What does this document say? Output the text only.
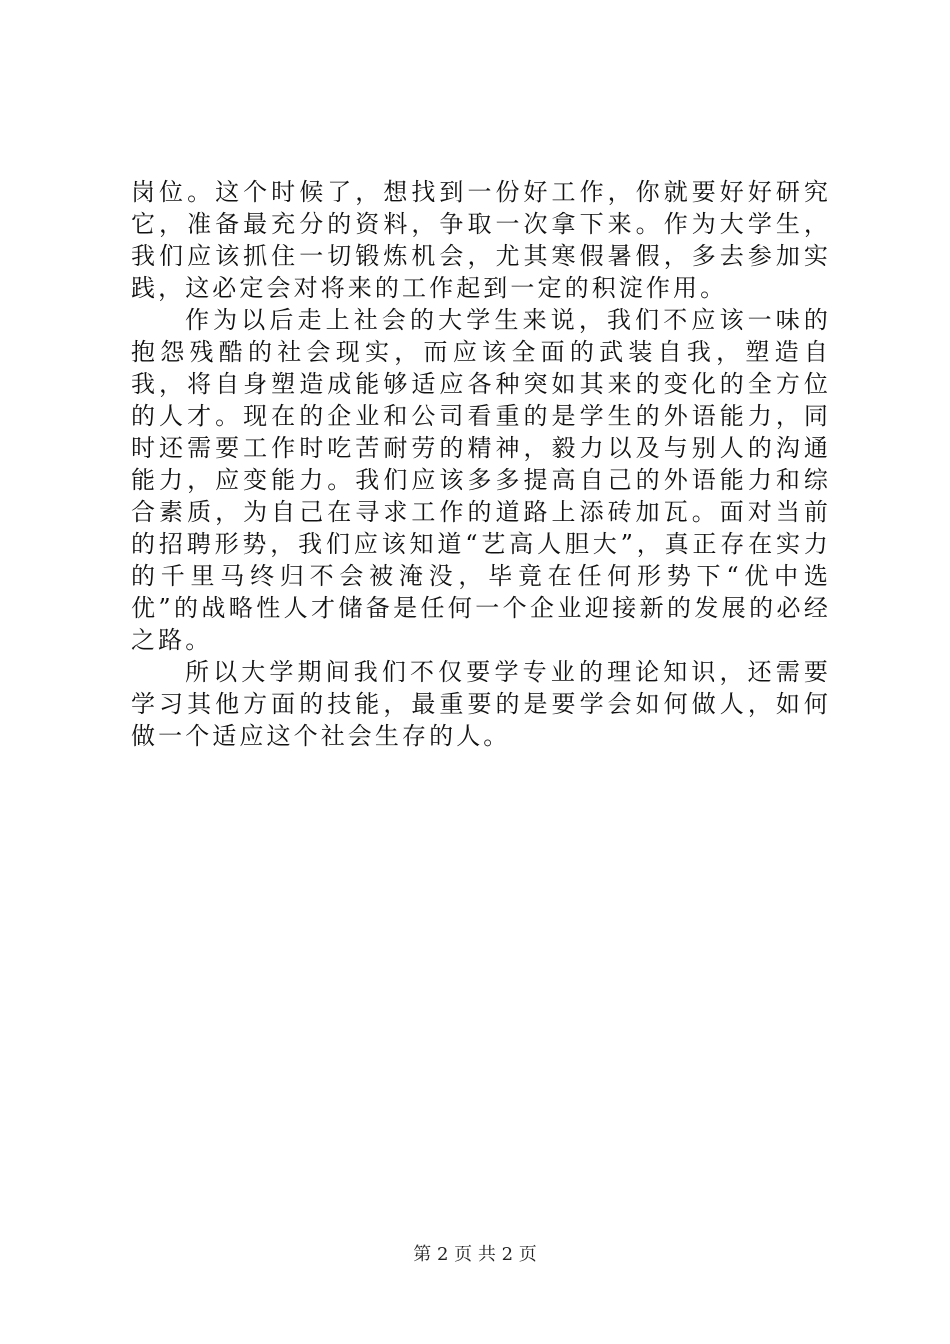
岗位。这个时候了，想找到一份好工作，你就要好好研究它，准备最充分的资料，争取一次拿下来。作为大学生，我们应该抓住一切锻炼机会，尤其寒假暑假，多去参加实践，这必定会对将来的工作起到一定的积淀作用。

作为以后走上社会的大学生来说，我们不应该一味的抱怨残酷的社会现实，而应该全面的武装自我，塑造自我，将自身塑造成能够适应各种突如其来的变化的全方位的人才。现在的企业和公司看重的是学生的外语能力，同时还需要工作时吃苦耐劳的精神，毅力以及与别人的沟通能力，应变能力。我们应该多多提高自己的外语能力和综合素质，为自己在寻求工作的道路上添砖加瓦。面对当前的招聘形势，我们应该知道“艺高人胆大”，真正存在实力的千里马终归不会被淹没，毕竟在任何形势下“优中选优”的战略性人才储备是任何一个企业迎接新的发展的必经之路。

所以大学期间我们不仅要学专业的理论知识，还需要学习其他方面的技能，最重要的是要学会如何做人，如何做一个适应这个社会生存的人。

第 2 页 共 2 页
